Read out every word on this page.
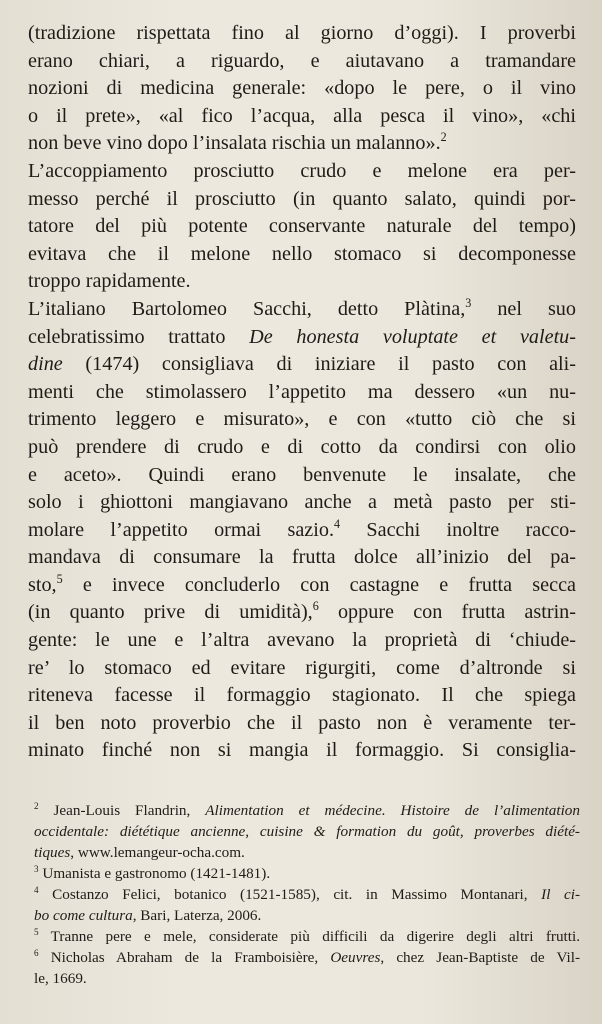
(tradizione rispettata fino al giorno d’oggi). I proverbi
erano chiari, a riguardo, e aiutavano a tramandare
nozioni di medicina generale: «dopo le pere, o il vino
o il prete», «al fico l’acqua, alla pesca il vino», «chi
non beve vino dopo l’insalata rischia un malanno».$^2$
L’accoppiamento prosciutto crudo e melone era per-
messo perché il prosciutto (in quanto salato, quindi por-
tatore del più potente conservante naturale del tempo)
evitava che il melone nello stomaco si decomponesse
troppo rapidamente.
L’italiano Bartolomeo Sacchi, detto Plàtina,$^3$ nel suo
celebratissimo trattato De honesta voluptate et valetu-
dine (1474) consigliava di iniziare il pasto con ali-
menti che stimolassero l’appetito ma dessero «un nu-
trimento leggero e misurato», e con «tutto ciò che si
può prendere di crudo e di cotto da condirsi con olio
e aceto». Quindi erano benvenute le insalate, che
solo i ghiottoni mangiavano anche a metà pasto per sti-
molare l’appetito ormai sazio.$^4$ Sacchi inoltre racco-
mandava di consumare la frutta dolce all’inizio del pa-
sto,$^5$ e invece concluderlo con castagne e frutta secca
(in quanto prive di umidità),$^6$ oppure con frutta astrin-
gente: le une e l’altra avevano la proprietà di ‘chiude-
re’ lo stomaco ed evitare rigurgiti, come d’altronde si
riteneva facesse il formaggio stagionato. Il che spiega
il ben noto proverbio che il pasto non è veramente ter-
minato finché non si mangia il formaggio. Si consiglia-
$^2$ Jean-Louis Flandrin, Alimentation et médecine. Histoire de l’alimentation
occidentale: diététique ancienne, cuisine & formation du goût, proverbes diété-
tiques, www.lemangeur-ocha.com.
$^3$ Umanista e gastronomo (1421-1481).
$^4$ Costanzo Felici, botanico (1521-1585), cit. in Massimo Montanari, Il ci-
bo come cultura, Bari, Laterza, 2006.
$^5$ Tranne pere e mele, considerate più difficili da digerire degli altri frutti.
$^6$ Nicholas Abraham de la Framboisière, Oeuvres, chez Jean-Baptiste de Vil-
le, 1669.
